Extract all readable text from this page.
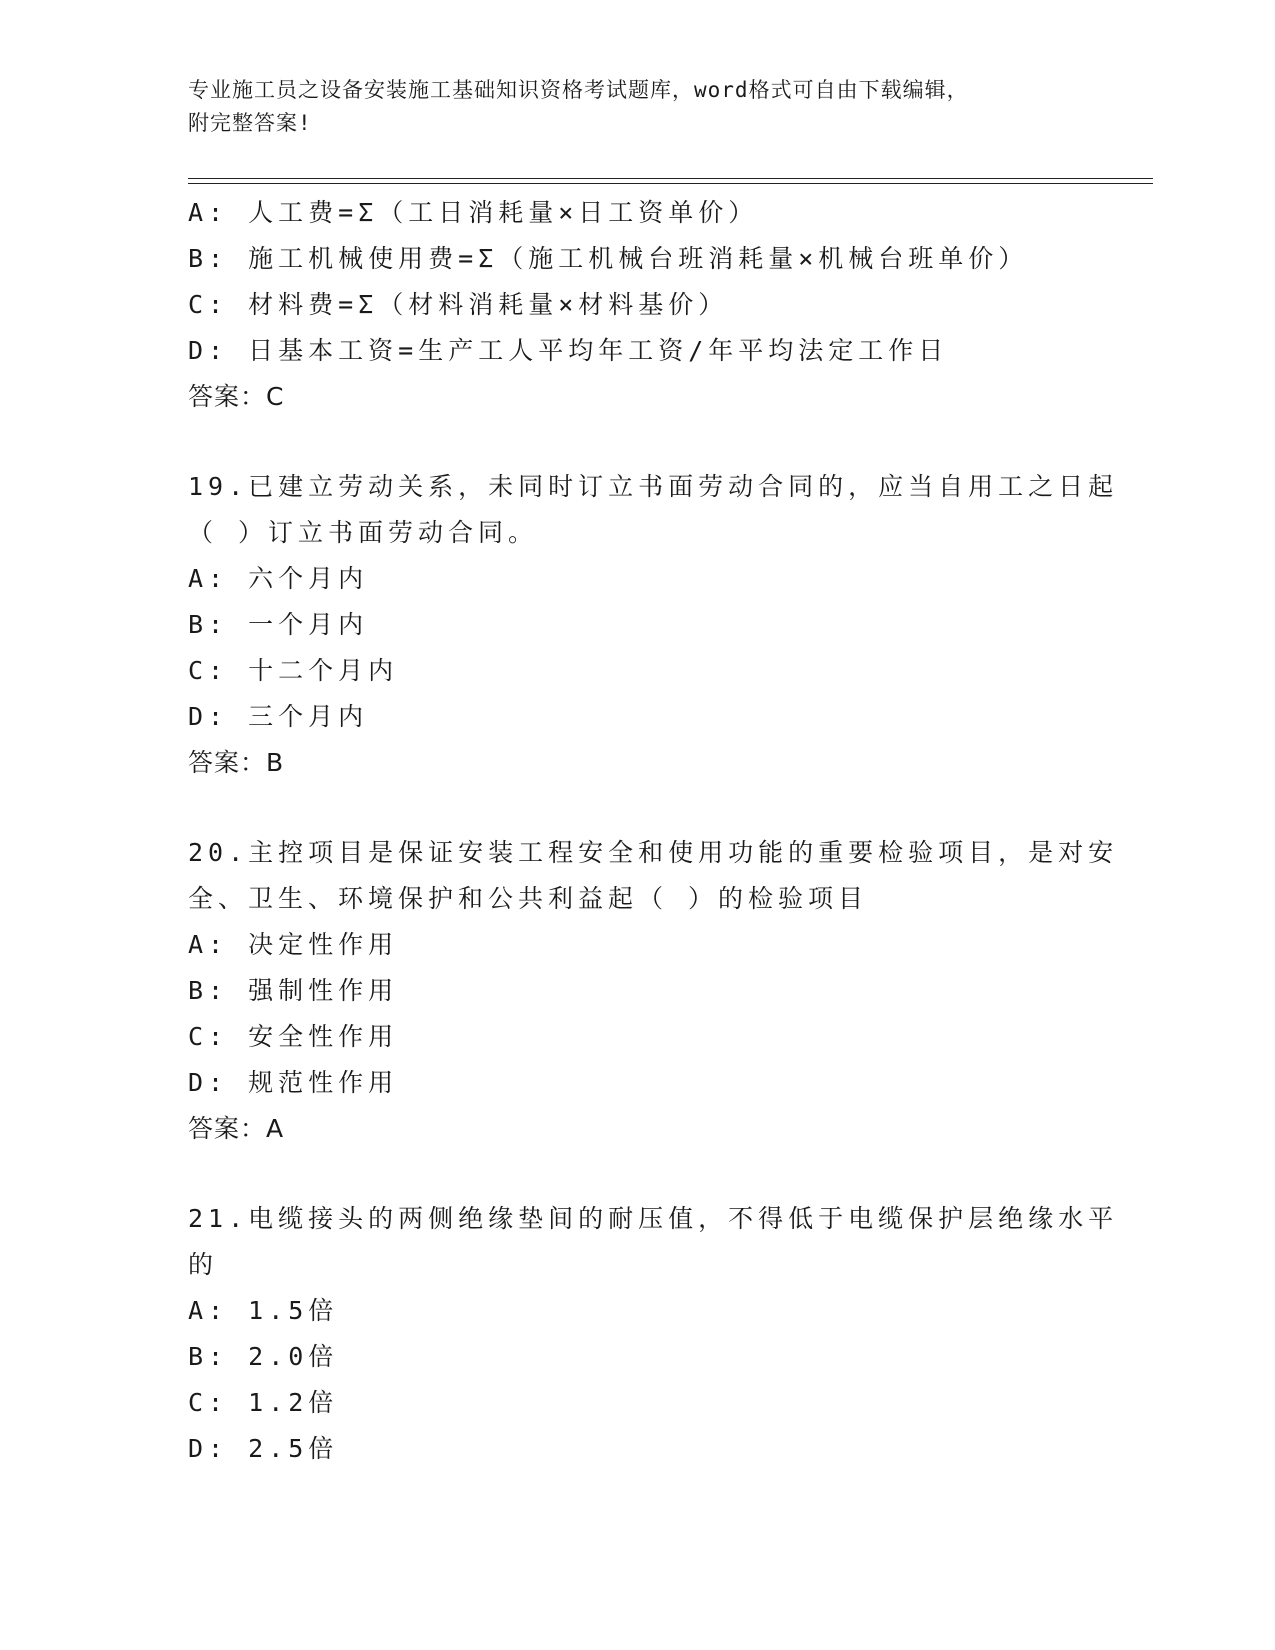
专业施工员之设备安装施工基础知识资格考试题库，word格式可自由下载编辑，
附完整答案!
A: 人工费=Σ（工日消耗量×日工资单价）
B: 施工机械使用费=Σ（施工机械台班消耗量×机械台班单价）
C: 材料费=Σ（材料消耗量×材料基价）
D: 日基本工资=生产工人平均年工资/年平均法定工作日
答案：C
19.已建立劳动关系，未同时订立书面劳动合同的，应当自用工之日起
（ ）订立书面劳动合同。
A: 六个月内
B: 一个月内
C: 十二个月内
D: 三个月内
答案：B
20.主控项目是保证安装工程安全和使用功能的重要检验项目，是对安
全、卫生、环境保护和公共利益起（ ）的检验项目
A: 决定性作用
B: 强制性作用
C: 安全性作用
D: 规范性作用
答案：A
21.电缆接头的两侧绝缘垫间的耐压值，不得低于电缆保护层绝缘水平
的
A: 1.5倍
B: 2.0倍
C: 1.2倍
D: 2.5倍
